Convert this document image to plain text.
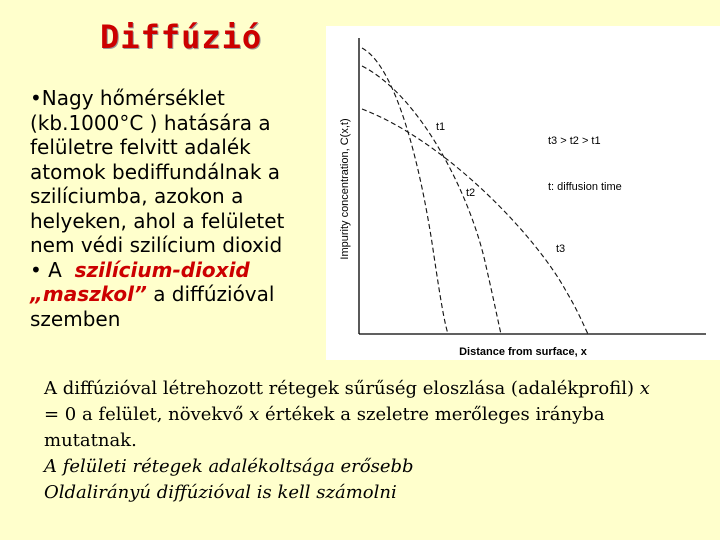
Diffúzió
•Nagy hőmérséklet
(kb.1000°C ) hatására a
felületre felvitt adalék
atomok bediffundálnak a
szilíciumba, azokon a
helyeken, ahol a felületet
nem védi szilícium dioxid
• A szilícium-dioxid
„maszkol” a diffúzióval
szemben
Impurity concentration, C(x,t)	t1
t2
t3
t3 > t2 > t1
t: diffusion time
Distance from surface, x
A diffúzióval létrehozott rétegek sűrűség eloszlása (adalékprofil) x
= 0 a felület, növekvő x értékek a szeletre merőleges irányba
mutatnak.
A felületi rétegek adalékoltsága erősebb
Oldalirányú diffúzióval is kell számolni
